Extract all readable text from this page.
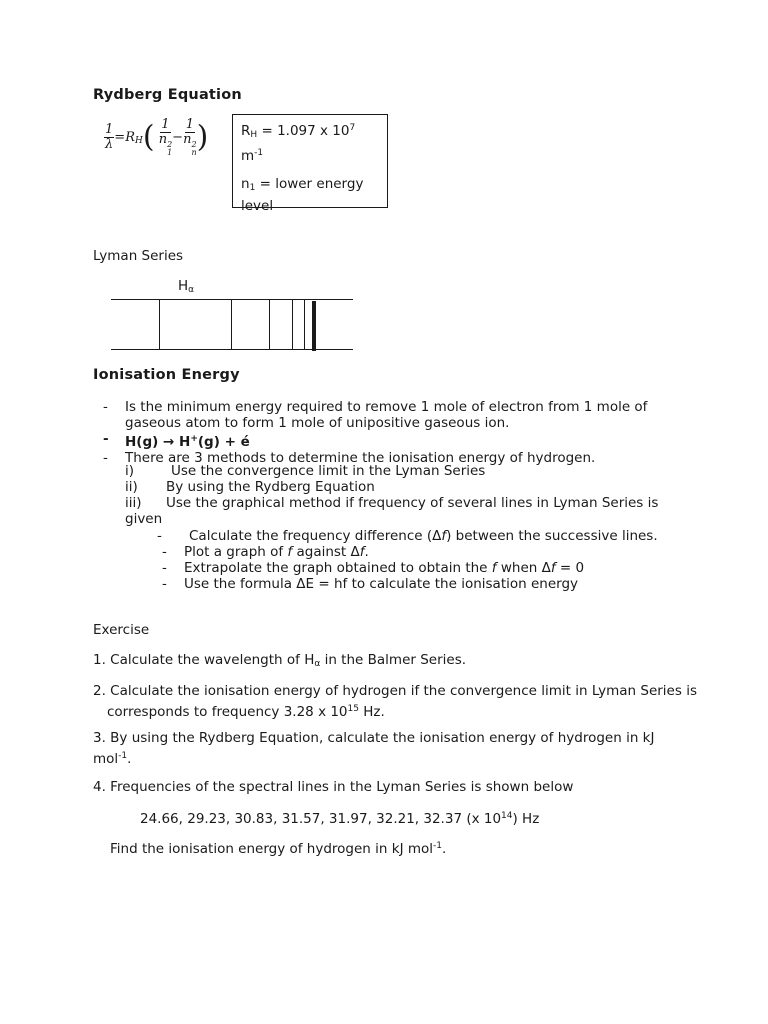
Rydberg Equation
$\frac{1}{\lambda} =R_H$( 1
n 2
1 − 1
n 2
n ) $R_H = 1.097$ x $10^7$
$m^{-1}$

$n_1$ = lower energy level

Lyman Series
$H_\alpha$
Ionisation Energy
- Is the minimum energy required to remove 1 mole of electron from 1 mole of gaseous atom to form 1 mole of unipositive gaseous ion.
- H(g) → H+(g) + é
- There are 3 methods to determine the ionisation energy of hydrogen.
i)	Use the convergence limit in the Lyman Series
ii) By using the Rydberg Equation
iii) Use the graphical method if frequency of several lines in Lyman Series is given
- Calculate the frequency difference (Δf) between the successive lines.
- Plot a graph of f against Δf.
- Extrapolate the graph obtained to obtain the f when Δf = 0
- Use the formula ΔE = hf to calculate the ionisation energy
Exercise
1. Calculate the wavelength of $H_\alpha$ in the Balmer Series.
2. Calculate the ionisation energy of hydrogen if the convergence limit in Lyman Series is corresponds to frequency 3.28 x $10^{15}$ Hz.
3. By using the Rydberg Equation, calculate the ionisation energy of hydrogen in kJ mol$^{-1}$.
4. Frequencies of the spectral lines in the Lyman Series is shown below
24.66, 29.23, 30.83, 31.57, 31.97, 32.21, 32.37 (x $10^{14}$) Hz
Find the ionisation energy of hydrogen in kJ mol$^{-1}$.
